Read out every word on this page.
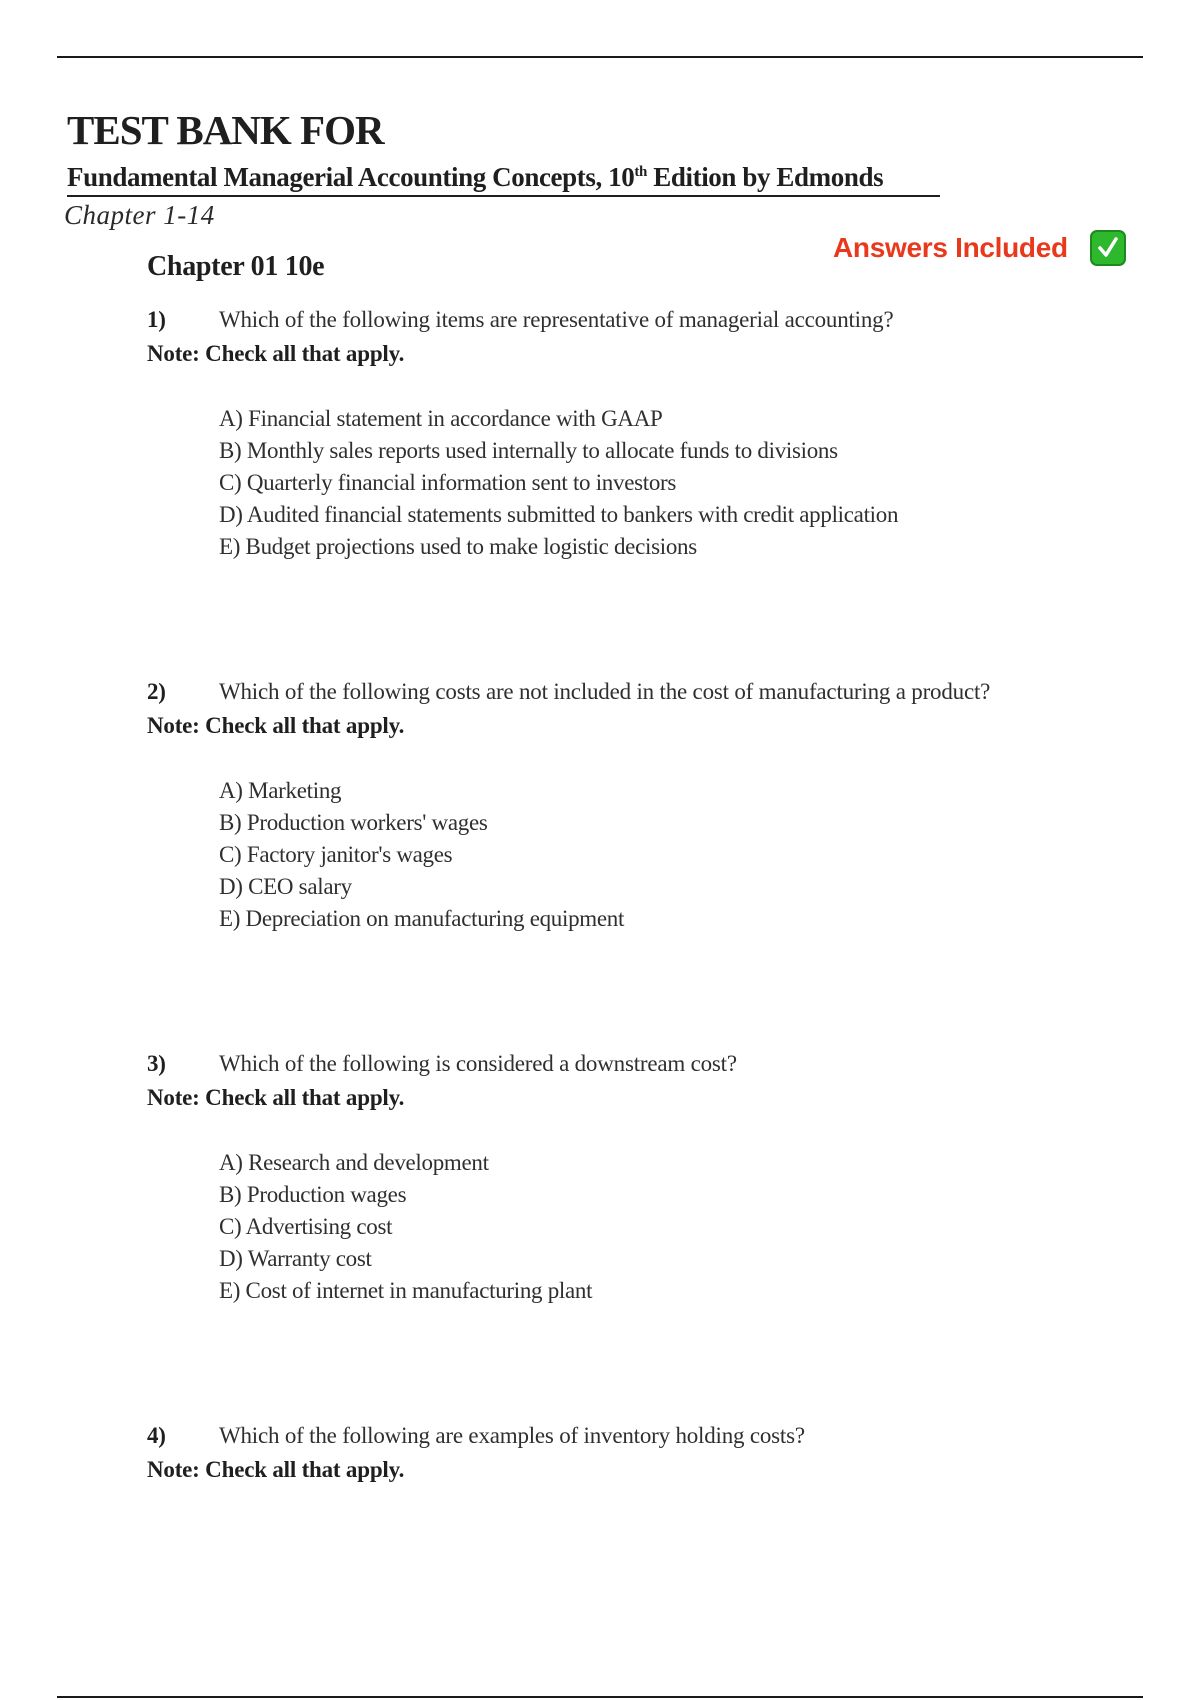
TEST BANK FOR
Fundamental Managerial Accounting Concepts, 10th Edition by Edmonds
Chapter 1-14
Answers Included
Chapter 01 10e
1) Which of the following items are representative of managerial accounting?
Note: Check all that apply.
A) Financial statement in accordance with GAAP
B) Monthly sales reports used internally to allocate funds to divisions
C) Quarterly financial information sent to investors
D) Audited financial statements submitted to bankers with credit application
E) Budget projections used to make logistic decisions
2) Which of the following costs are not included in the cost of manufacturing a product?
Note: Check all that apply.
A) Marketing
B) Production workers' wages
C) Factory janitor's wages
D) CEO salary
E) Depreciation on manufacturing equipment
3) Which of the following is considered a downstream cost?
Note: Check all that apply.
A) Research and development
B) Production wages
C) Advertising cost
D) Warranty cost
E) Cost of internet in manufacturing plant
4) Which of the following are examples of inventory holding costs?
Note: Check all that apply.
